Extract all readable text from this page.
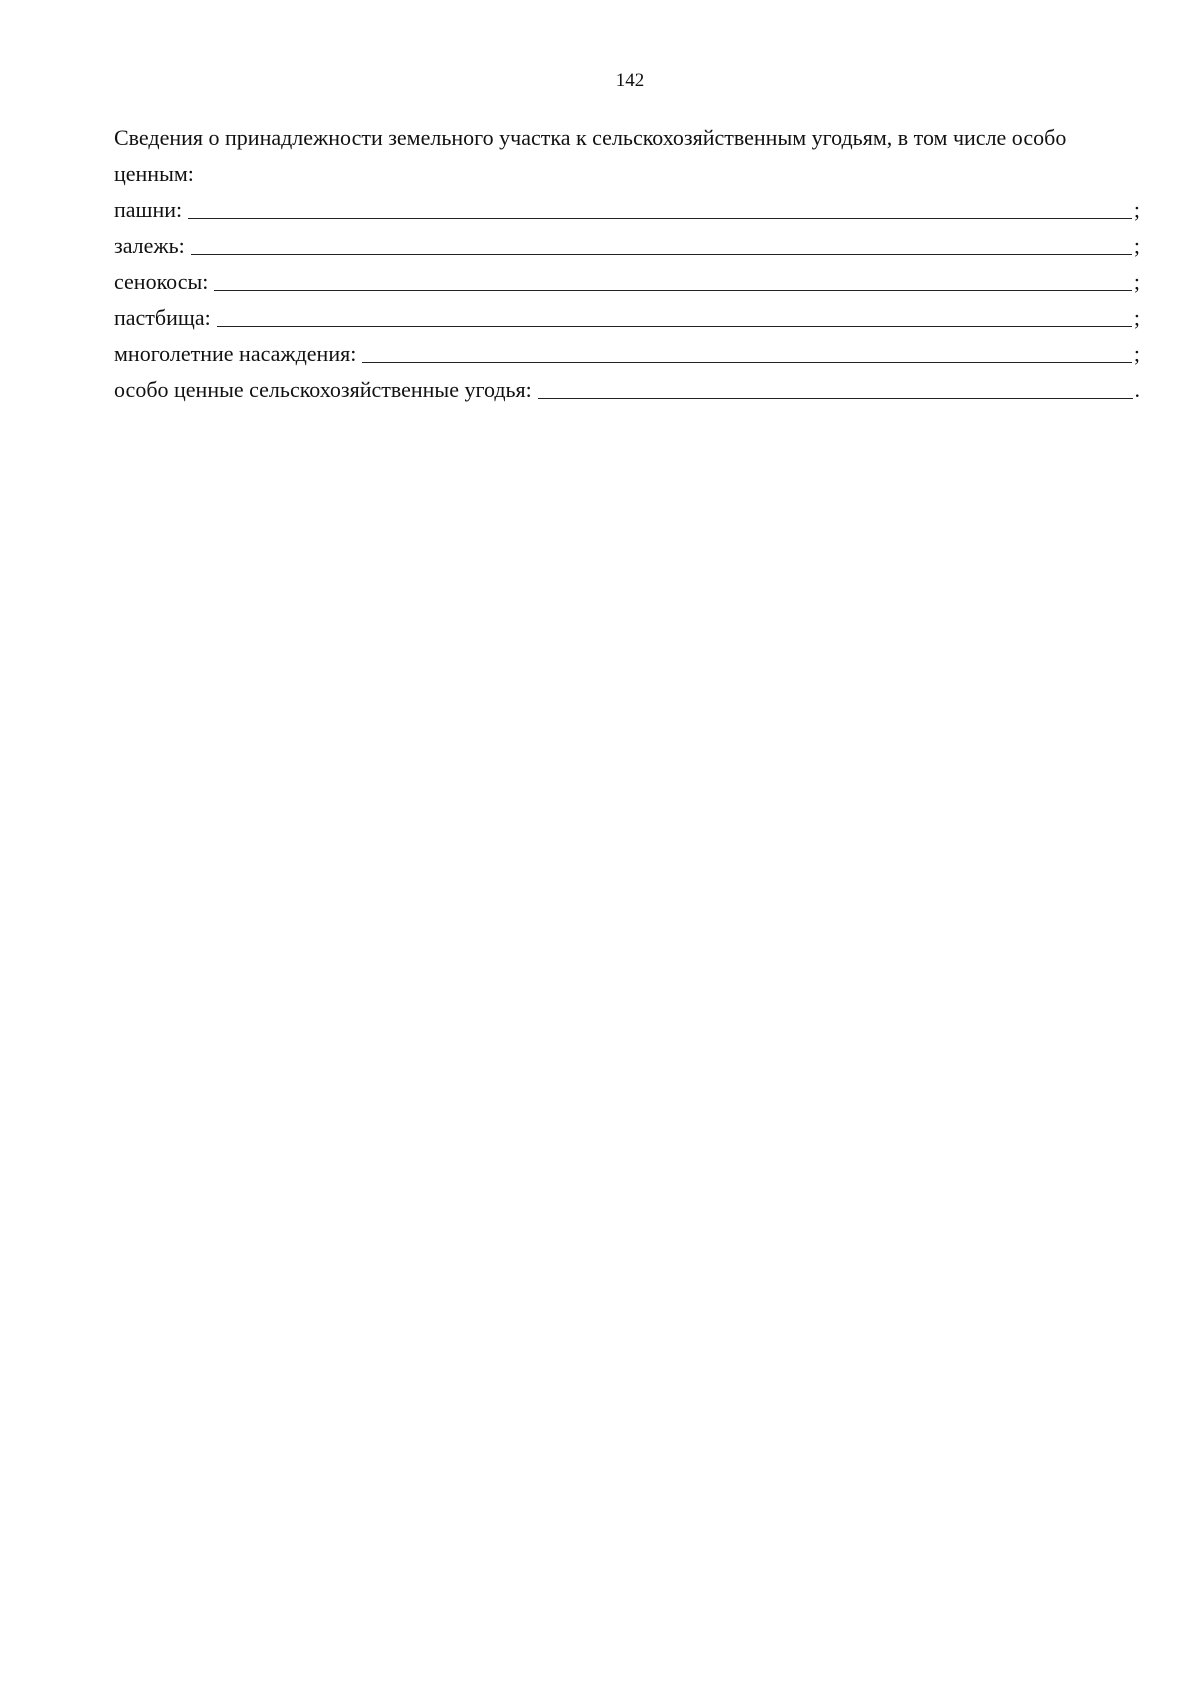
142

Сведения о принадлежности земельного участка к сельскохозяйственным угодьям, в том числе особо ценным:

пашни:	;
залежь:	;
сенокосы:	;
пастбища:	;
многолетние насаждения:	;
особо ценные сельскохозяйственные угодья:	.
